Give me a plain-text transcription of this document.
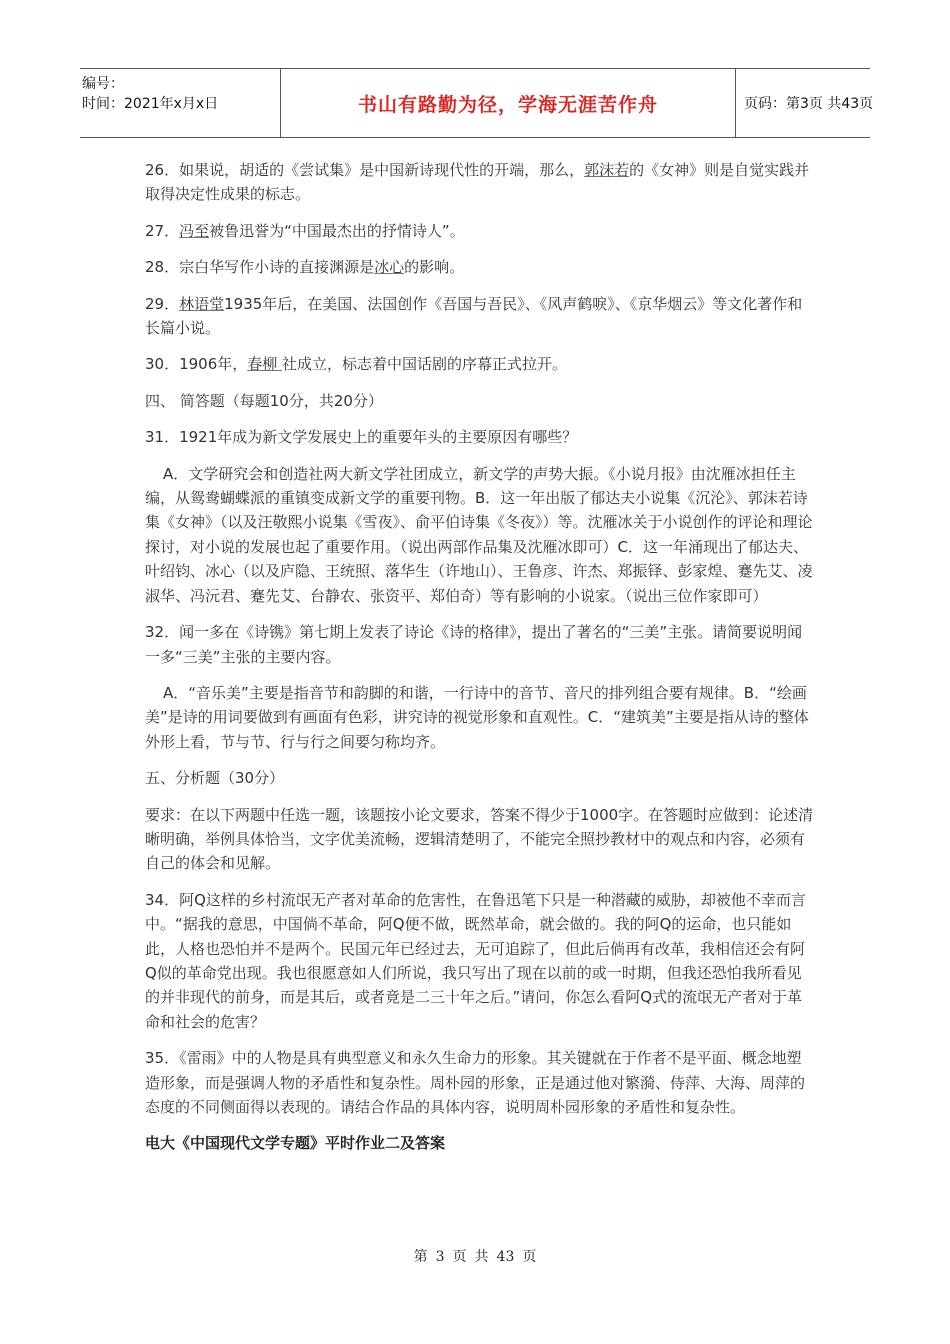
编号：
时间：2021年x月x日	书山有路勤为径，学海无涯苦作舟	页码：第3页 共43页

26．如果说，胡适的《尝试集》是中国新诗现代性的开端，那么，郭沫若的《女神》则是自觉实践并取得决定性成果的标志。

27．冯至被鲁迅誉为“中国最杰出的抒情诗人”。

28．宗白华写作小诗的直接渊源是冰心的影响。

29．林语堂1935年后，在美国、法国创作《吾国与吾民》、《风声鹤唳》、《京华烟云》等文化著作和长篇小说。

30．1906年，春柳 社成立，标志着中国话剧的序幕正式拉开。

四、 简答题（每题10分，共20分）

31．1921年成为新文学发展史上的重要年头的主要原因有哪些？

A．文学研究会和创造社两大新文学社团成立，新文学的声势大振。《小说月报》由沈雁冰担任主编，从鸳鸯蝴蝶派的重镇变成新文学的重要刊物。B．这一年出版了郁达夫小说集《沉沦》、郭沫若诗集《女神》（以及汪敬熙小说集《雪夜》、俞平伯诗集《冬夜》）等。沈雁冰关于小说创作的评论和理论探讨，对小说的发展也起了重要作用。（说出两部作品集及沈雁冰即可）C．这一年涌现出了郁达夫、叶绍钧、冰心（以及庐隐、王统照、落华生（许地山）、王鲁彦、许杰、郑振铎、彭家煌、蹇先艾、凌淑华、冯沅君、蹇先艾、台静农、张资平、郑伯奇）等有影响的小说家。（说出三位作家即可）

32．闻一多在《诗镌》第七期上发表了诗论《诗的格律》，提出了著名的“三美”主张。请简要说明闻一多“三美”主张的主要内容。

A．“音乐美”主要是指音节和韵脚的和谐，一行诗中的音节、音尺的排列组合要有规律。B．“绘画美”是诗的用词要做到有画面有色彩，讲究诗的视觉形象和直观性。C．“建筑美”主要是指从诗的整体外形上看，节与节、行与行之间要匀称均齐。

五、分析题（30分）

要求：在以下两题中任选一题，该题按小论文要求，答案不得少于1000字。在答题时应做到：论述清晰明确，举例具体恰当，文字优美流畅，逻辑清楚明了，不能完全照抄教材中的观点和内容，必须有自己的体会和见解。

34．阿Q这样的乡村流氓无产者对革命的危害性，在鲁迅笔下只是一种潜藏的威胁，却被他不幸而言中。“据我的意思，中国倘不革命，阿Q便不做，既然革命，就会做的。我的阿Q的运命，也只能如此，人格也恐怕并不是两个。民国元年已经过去，无可追踪了，但此后倘再有改革，我相信还会有阿Q似的革命党出现。我也很愿意如人们所说，我只写出了现在以前的或一时期，但我还恐怕我所看见的并非现代的前身，而是其后，或者竟是二三十年之后。”请问，你怎么看阿Q式的流氓无产者对于革命和社会的危害？

35．《雷雨》中的人物是具有典型意义和永久生命力的形象。其关键就在于作者不是平面、概念地塑造形象，而是强调人物的矛盾性和复杂性。周朴园的形象，正是通过他对繁漪、侍萍、大海、周萍的态度的不同侧面得以表现的。请结合作品的具体内容，说明周朴园形象的矛盾性和复杂性。

电大《中国现代文学专题》平时作业二及答案

第 3 页 共 43 页
